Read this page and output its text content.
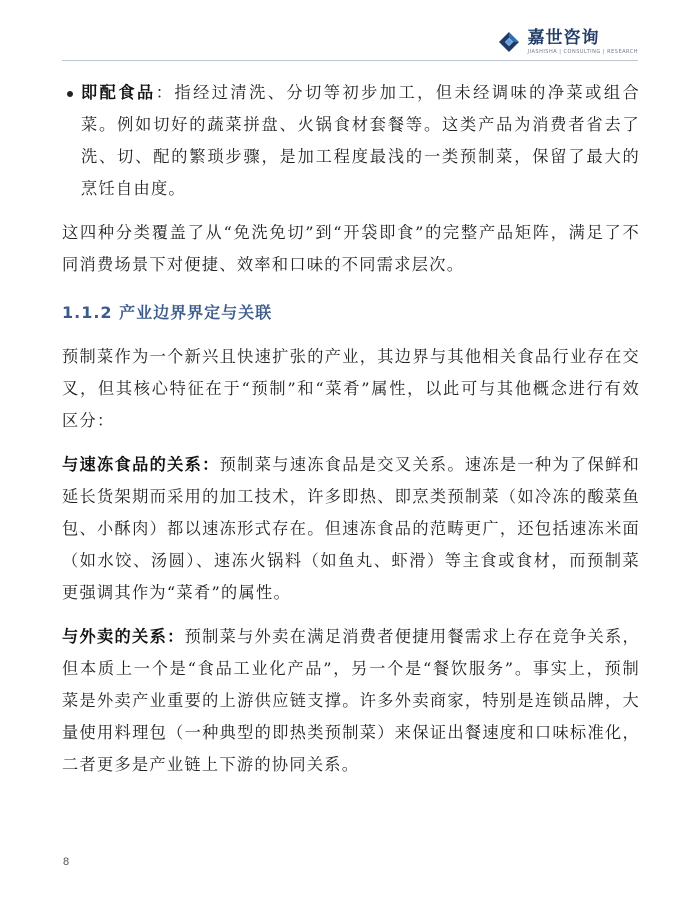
嘉世咨询
JIASHISHA | CONSULTING | RESEARCH

即配食品：指经过清洗、分切等初步加工，但未经调味的净菜或组合菜。例如切好的蔬菜拼盘、火锅食材套餐等。这类产品为消费者省去了洗、切、配的繁琐步骤，是加工程度最浅的一类预制菜，保留了最大的烹饪自由度。

这四种分类覆盖了从“免洗免切”到“开袋即食”的完整产品矩阵，满足了不同消费场景下对便捷、效率和口味的不同需求层次。

1.1.2 产业边界界定与关联

预制菜作为一个新兴且快速扩张的产业，其边界与其他相关食品行业存在交叉，但其核心特征在于“预制”和“菜肴”属性，以此可与其他概念进行有效区分：

与速冻食品的关系：预制菜与速冻食品是交叉关系。速冻是一种为了保鲜和延长货架期而采用的加工技术，许多即热、即烹类预制菜（如冷冻的酸菜鱼包、小酥肉）都以速冻形式存在。但速冻食品的范畴更广，还包括速冻米面（如水饺、汤圆）、速冻火锅料（如鱼丸、虾滑）等主食或食材，而预制菜更强调其作为“菜肴”的属性。

与外卖的关系：预制菜与外卖在满足消费者便捷用餐需求上存在竞争关系，但本质上一个是“食品工业化产品”，另一个是“餐饮服务”。事实上，预制菜是外卖产业重要的上游供应链支撑。许多外卖商家，特别是连锁品牌，大量使用料理包（一种典型的即热类预制菜）来保证出餐速度和口味标准化，二者更多是产业链上下游的协同关系。

8
